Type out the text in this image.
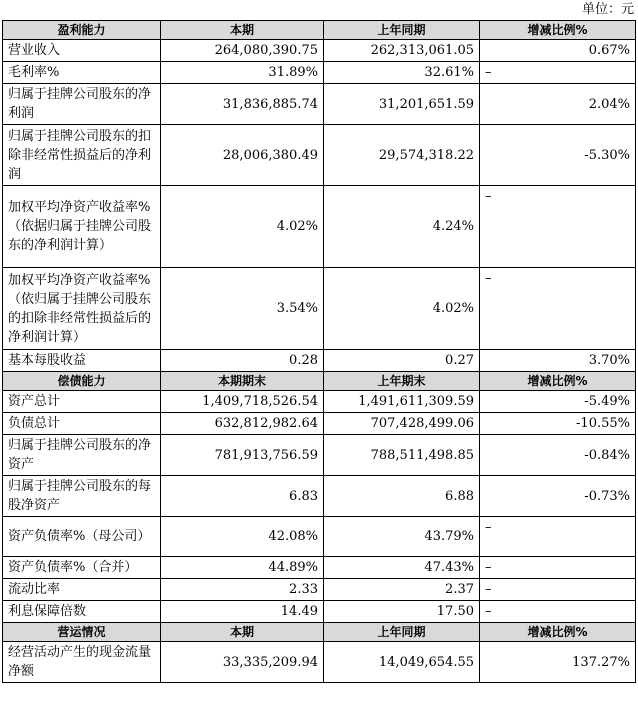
单位：元
盈利能力	本期	上年同期	增减比例%
营业收入	264,080,390.75	262,313,061.05	0.67%
毛利率%	31.89%	32.61%	–
归属于挂牌公司股东的净利润	31,836,885.74	31,201,651.59	2.04%
归属于挂牌公司股东的扣除非经常性损益后的净利润	28,006,380.49	29,574,318.22	-5.30%
加权平均净资产收益率%（依据归属于挂牌公司股东的净利润计算）	4.02%	4.24%	–
加权平均净资产收益率%（依归属于挂牌公司股东的扣除非经常性损益后的净利润计算）	3.54%	4.02%	–
基本每股收益	0.28	0.27	3.70%
偿债能力	本期期末	上年期末	增减比例%
资产总计	1,409,718,526.54	1,491,611,309.59	-5.49%
负债总计	632,812,982.64	707,428,499.06	-10.55%
归属于挂牌公司股东的净资产	781,913,756.59	788,511,498.85	-0.84%
归属于挂牌公司股东的每股净资产	6.83	6.88	-0.73%
资产负债率%（母公司）	42.08%	43.79%	–
资产负债率%（合并）	44.89%	47.43%	–
流动比率	2.33	2.37	–
利息保障倍数	14.49	17.50	–
营运情况	本期	上年同期	增减比例%
经营活动产生的现金流量净额	33,335,209.94	14,049,654.55	137.27%
